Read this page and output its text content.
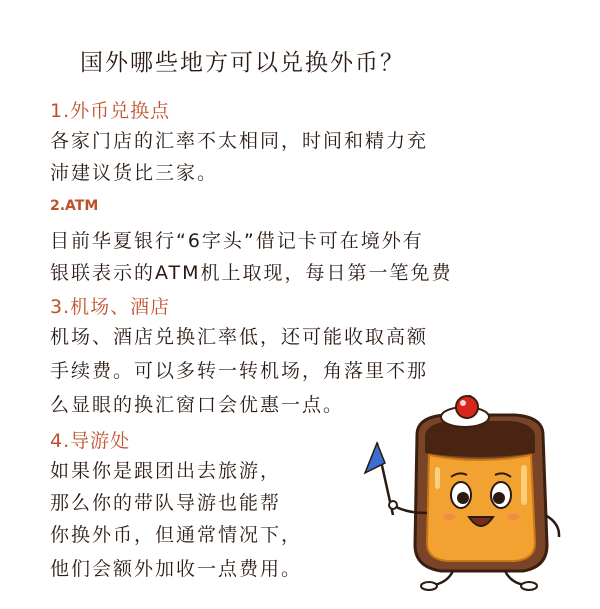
国外哪些地方可以兑换外币？
1.外币兑换点
各家门店的汇率不太相同，时间和精力充
沛建议货比三家。
2.ATM
目前华夏银行“6字头”借记卡可在境外有
银联表示的ATM机上取现，每日第一笔免费
3.机场、酒店
机场、酒店兑换汇率低，还可能收取高额
手续费。可以多转一转机场，角落里不那
么显眼的换汇窗口会优惠一点。
4.导游处
如果你是跟团出去旅游，
那么你的带队导游也能帮
你换外币，但通常情况下，
他们会额外加收一点费用。
